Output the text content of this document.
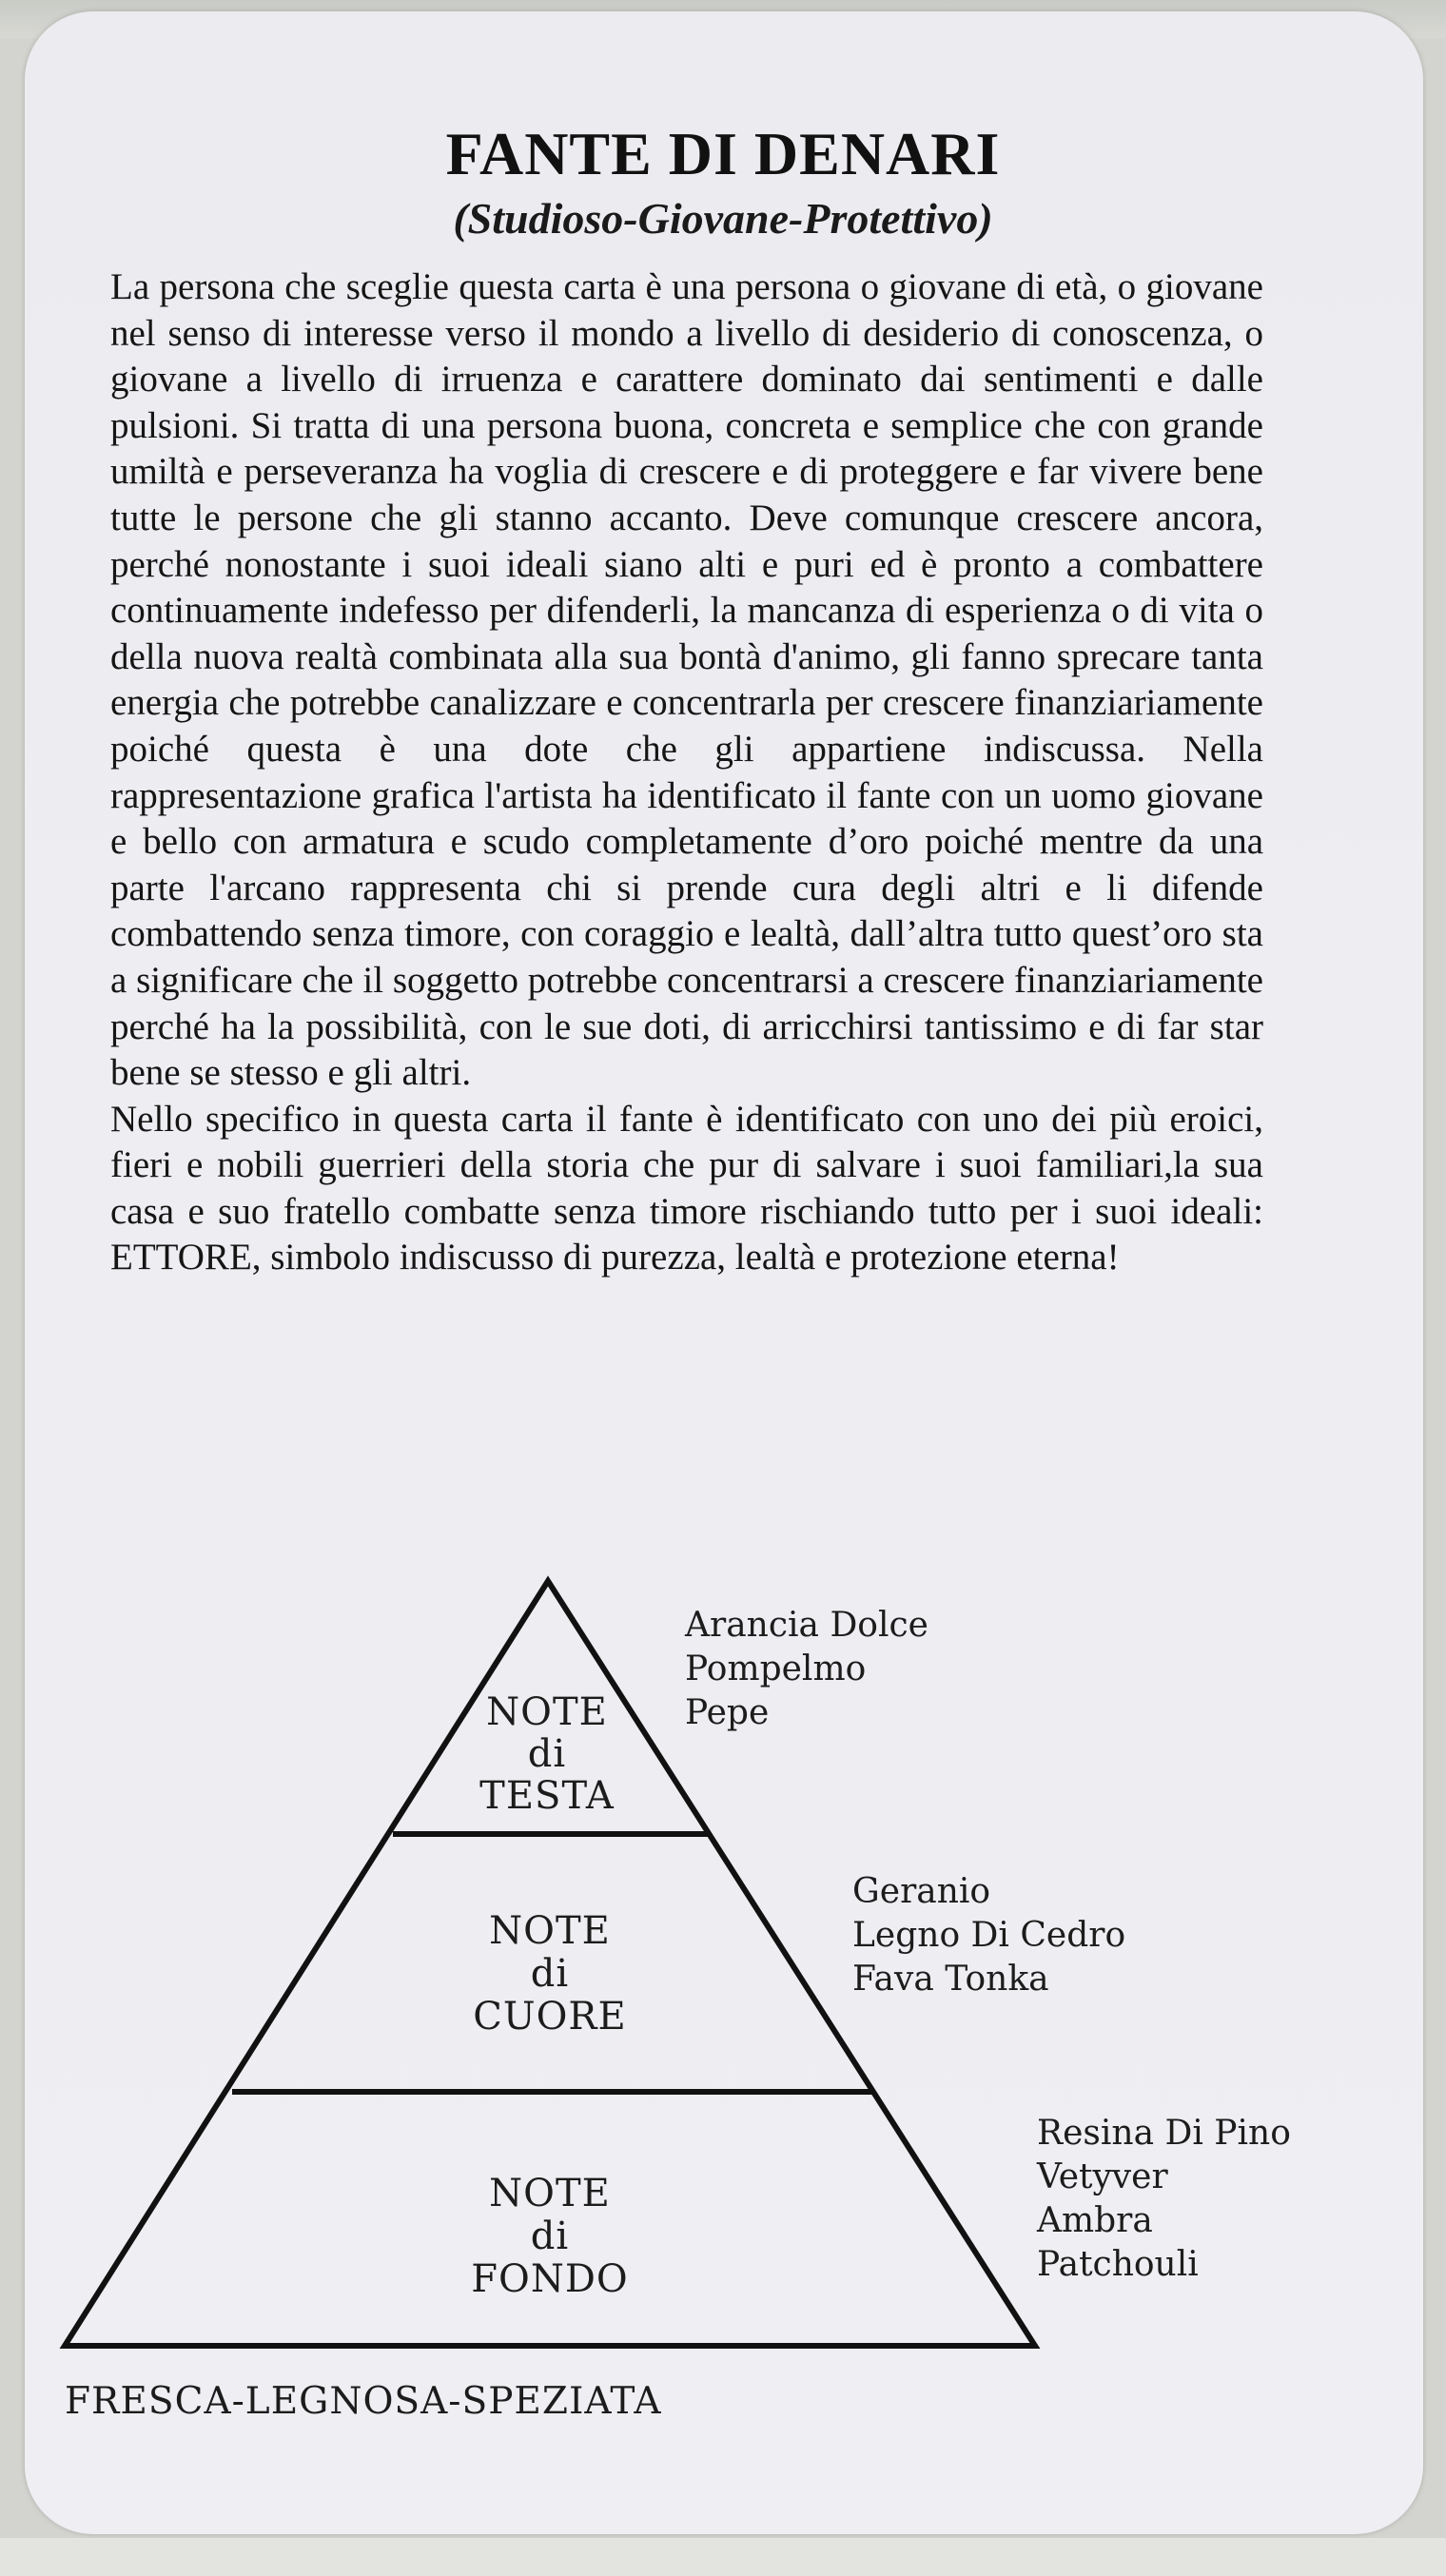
FANTE DI DENARI
(Studioso-Giovane-Protettivo)

La persona che sceglie questa carta è una persona o giovane di età, o giovane nel senso di interesse verso il mondo a livello di desiderio di conoscenza, o giovane a livello di irruenza e carattere dominato dai sentimenti e dalle pulsioni. Si tratta di una persona buona, concreta e semplice che con grande umiltà e perseveranza ha voglia di crescere e di proteggere e far vivere bene tutte le persone che gli stanno accanto. Deve comunque crescere ancora, perché nonostante i suoi ideali siano alti e puri ed è pronto a combattere continuamente indefesso per difenderli, la mancanza di esperienza o di vita o della nuova realtà combinata alla sua bontà d'animo, gli fanno sprecare tanta energia che potrebbe canalizzare e concentrarla per crescere finanziariamente poiché questa è una dote che gli appartiene indiscussa. Nella rappresentazione grafica l'artista ha identificato il fante con un uomo giovane e bello con armatura e scudo completamente d’oro poiché mentre da una parte l'arcano rappresenta chi si prende cura degli altri e li difende combattendo senza timore, con coraggio e lealtà, dall’altra tutto quest’oro sta a significare che il soggetto potrebbe concentrarsi a crescere finanziariamente perché ha la possibilità, con le sue doti, di arricchirsi tantissimo e di far star bene se stesso e gli altri.

Nello specifico in questa carta il fante è identificato con uno dei più eroici, fieri e nobili guerrieri della storia che pur di salvare i suoi familiari,la sua casa e suo fratello combatte senza timore rischiando tutto per i suoi ideali: ETTORE, simbolo indiscusso di purezza, lealtà e protezione eterna!

NOTE
di
TESTA
NOTE
di
CUORE
NOTE
di
FONDO
Arancia Dolce
Pompelmo
Pepe
Geranio
Legno Di Cedro
Fava Tonka
Resina Di Pino
Vetyver
Ambra
Patchouli

FRESCA-LEGNOSA-SPEZIATA
